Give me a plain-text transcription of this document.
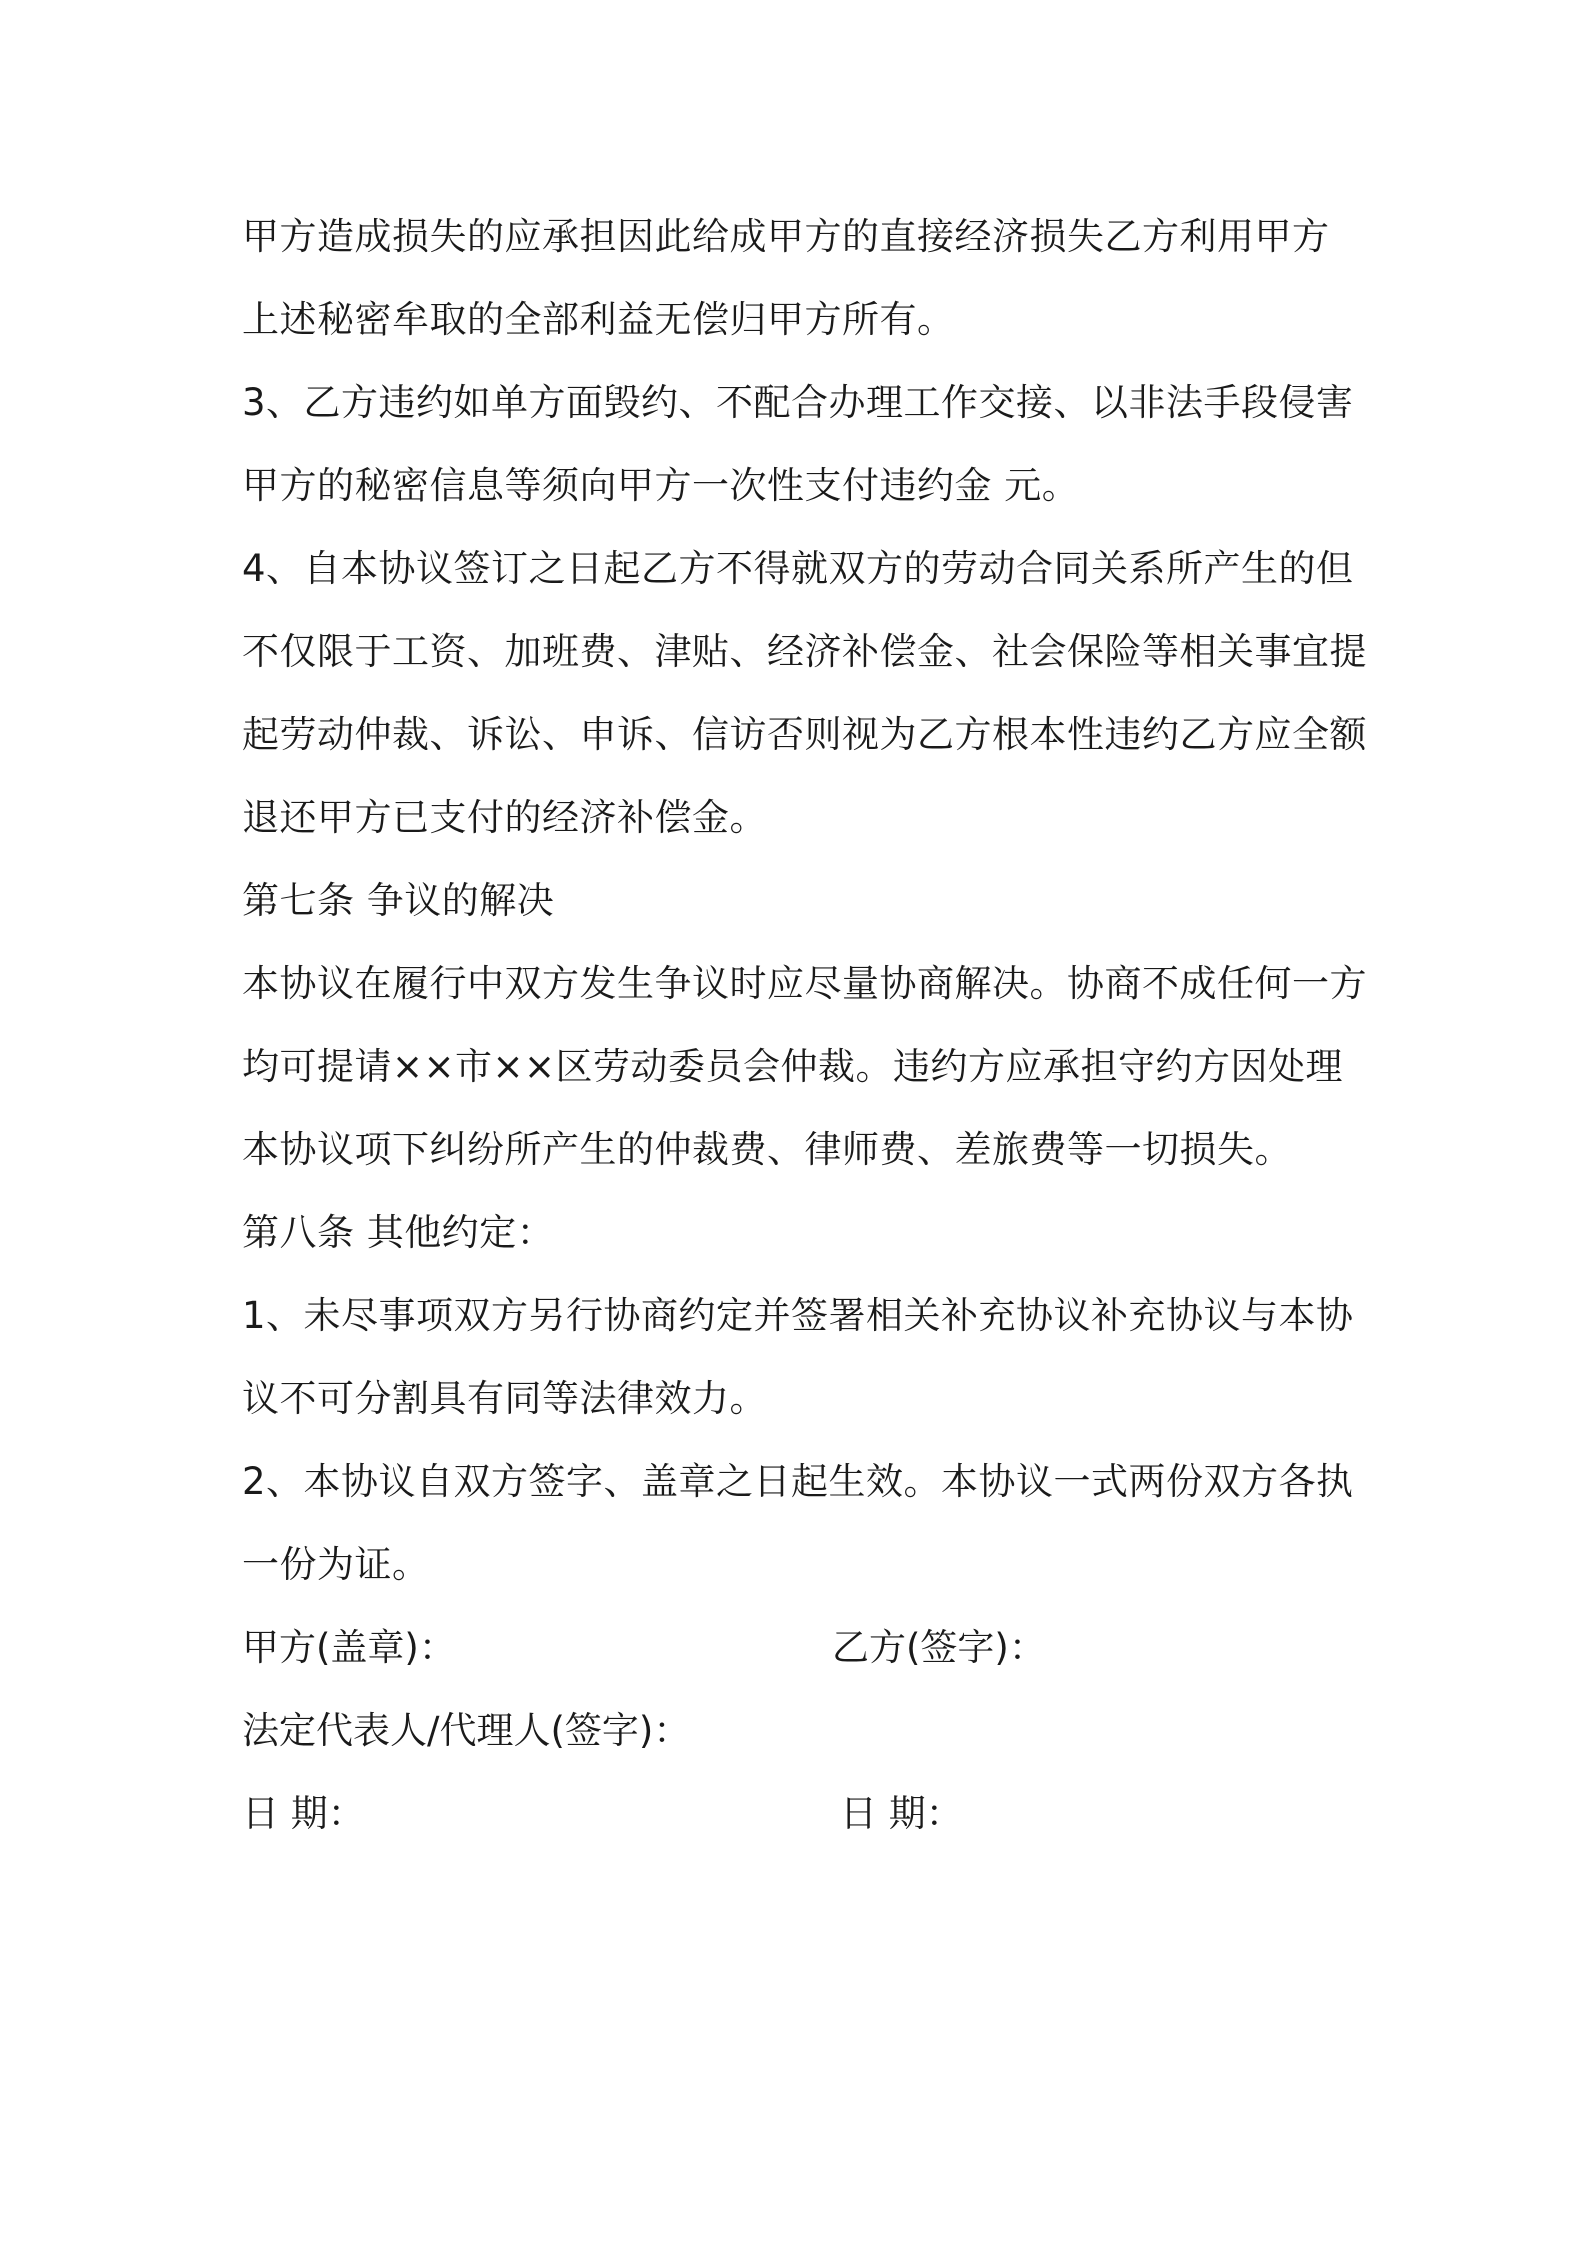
甲方造成损失的应承担因此给成甲方的直接经济损失乙方利用甲方
上述秘密牟取的全部利益无偿归甲方所有。
3、乙方违约如单方面毁约、不配合办理工作交接、以非法手段侵害
甲方的秘密信息等须向甲方一次性支付违约金 元。
4、自本协议签订之日起乙方不得就双方的劳动合同关系所产生的但
不仅限于工资、加班费、津贴、经济补偿金、社会保险等相关事宜提
起劳动仲裁、诉讼、申诉、信访否则视为乙方根本性违约乙方应全额
退还甲方已支付的经济补偿金。
第七条 争议的解决
本协议在履行中双方发生争议时应尽量协商解决。协商不成任何一方
均可提请××市××区劳动委员会仲裁。违约方应承担守约方因处理
本协议项下纠纷所产生的仲裁费、律师费、差旅费等一切损失。
第八条 其他约定：
1、未尽事项双方另行协商约定并签署相关补充协议补充协议与本协
议不可分割具有同等法律效力。
2、本协议自双方签字、盖章之日起生效。本协议一式两份双方各执
一份为证。
甲方(盖章)：	乙方(签字)：
法定代表人/代理人(签字)：
日 期：	日 期：
